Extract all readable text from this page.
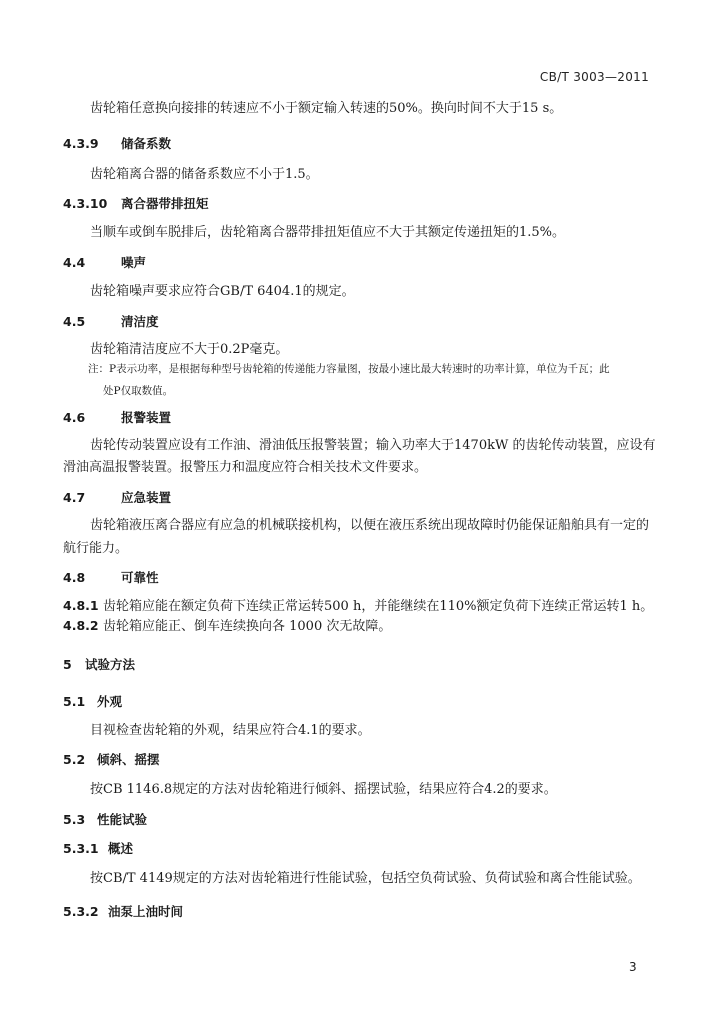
CB/T 3003—2011
齿轮箱任意换向接排的转速应不小于额定输入转速的50%。换向时间不大于15 s。
4.3.9 储备系数
齿轮箱离合器的储备系数应不小于1.5。
4.3.10 离合器带排扭矩
当顺车或倒车脱排后，齿轮箱离合器带排扭矩值应不大于其额定传递扭矩的1.5%。
4.4	噪声
齿轮箱噪声要求应符合GB/T 6404.1的规定。
4.5	清洁度
齿轮箱清洁度应不大于0.2P毫克。
注：P表示功率，是根据每种型号齿轮箱的传递能力容量图，按最小速比最大转速时的功率计算，单位为千瓦；此
处P仅取数值。
4.6	报警装置
齿轮传动装置应设有工作油、滑油低压报警装置；输入功率大于1470kW 的齿轮传动装置，应设有
滑油高温报警装置。报警压力和温度应符合相关技术文件要求。
4.7	应急装置
齿轮箱液压离合器应有应急的机械联接机构，以便在液压系统出现故障时仍能保证船舶具有一定的
航行能力。
4.8	可靠性
4.8.1 齿轮箱应能在额定负荷下连续正常运转500 h，并能继续在110%额定负荷下连续正常运转1 h。
4.8.2 齿轮箱应能正、倒车连续换向各 1000 次无故障。
5 试验方法
5.1 外观
目视检查齿轮箱的外观，结果应符合4.1的要求。
5.2 倾斜、摇摆
按CB 1146.8规定的方法对齿轮箱进行倾斜、摇摆试验，结果应符合4.2的要求。
5.3 性能试验
5.3.1 概述
按CB/T 4149规定的方法对齿轮箱进行性能试验，包括空负荷试验、负荷试验和离合性能试验。
5.3.2 油泵上油时间
3
